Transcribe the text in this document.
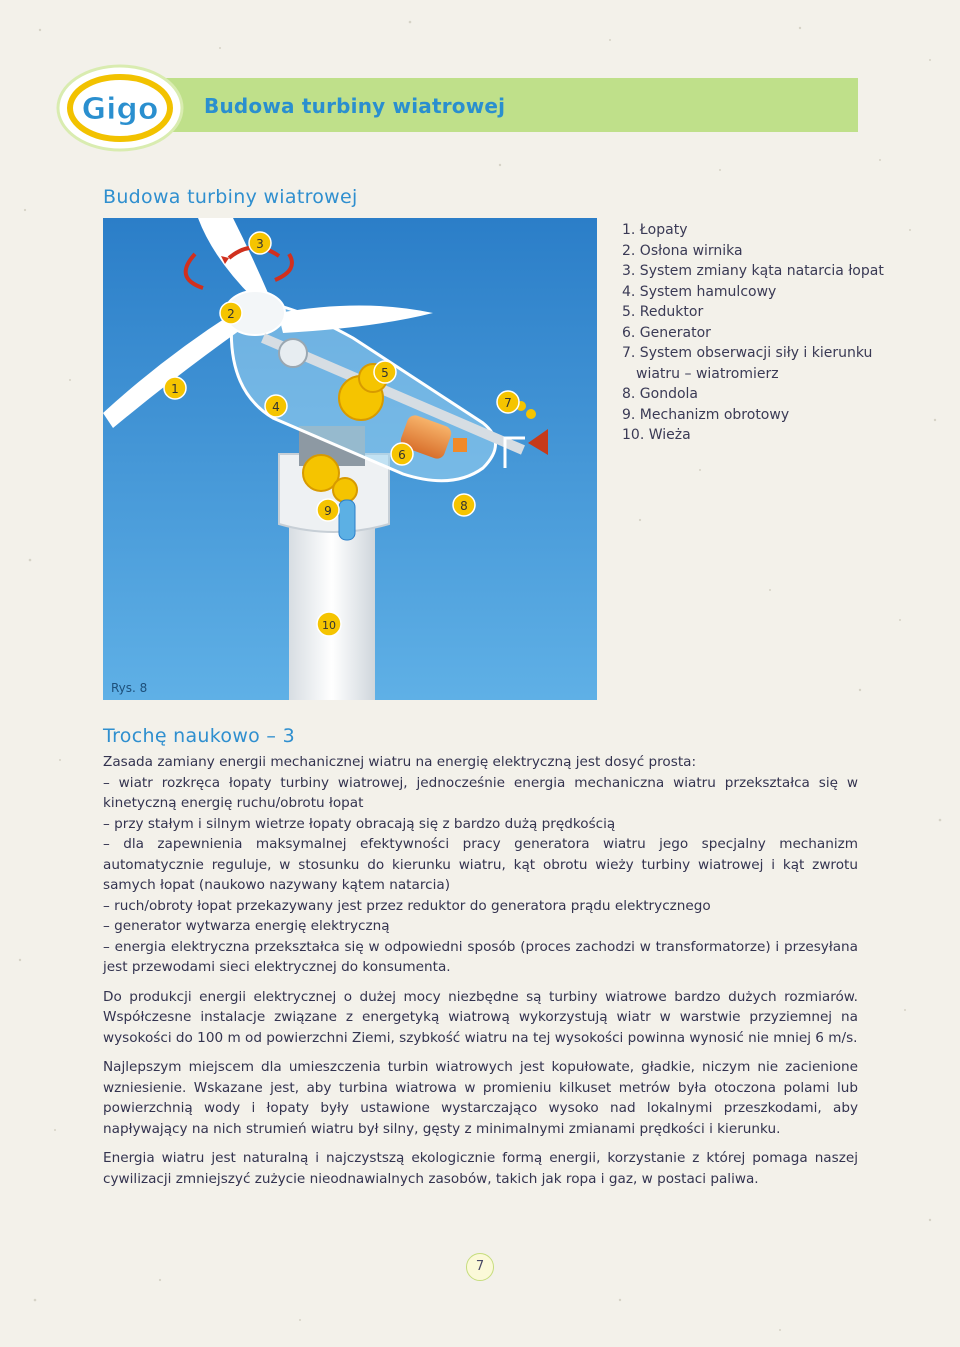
Gigo Budowa turbiny wiatrowej
Budowa turbiny wiatrowej
1
2
3
4
5
6
7
8
9
10
Rys. 8
1. Łopaty
2. Osłona wirnika
3. System zmiany kąta natarcia łopat
4. System hamulcowy
5. Reduktor
6. Generator
7. System obserwacji siły i kierunku
wiatru – wiatromierz
8. Gondola
9. Mechanizm obrotowy
10. Wieża
Trochę naukowo – 3

Zasada zamiany energii mechanicznej wiatru na energię elektryczną jest dosyć prosta:

– wiatr rozkręca łopaty turbiny wiatrowej, jednocześnie energia mechaniczna wiatru przekształca się w kinetyczną energię ruchu/obrotu łopat

– przy stałym i silnym wietrze łopaty obracają się z bardzo dużą prędkością

– dla zapewnienia maksymalnej efektywności pracy generatora wiatru jego specjalny mechanizm automatycznie reguluje, w stosunku do kierunku wiatru, kąt obrotu wieży turbiny wiatrowej i kąt zwrotu samych łopat (naukowo nazywany kątem natarcia)

– ruch/obroty łopat przekazywany jest przez reduktor do generatora prądu elektrycznego

– generator wytwarza energię elektryczną

– energia elektryczna przekształca się w odpowiedni sposób (proces zachodzi w transformatorze) i przesyłana jest przewodami sieci elektrycznej do konsumenta.

Do produkcji energii elektrycznej o dużej mocy niezbędne są turbiny wiatrowe bardzo dużych rozmiarów. Współczesne instalacje związane z energetyką wiatrową wykorzystują wiatr w warstwie przyziemnej na wysokości do 100 m od powierzchni Ziemi, szybkość wiatru na tej wysokości powinna wynosić nie mniej 6 m/s.

Najlepszym miejscem dla umieszczenia turbin wiatrowych jest kopułowate, gładkie, niczym nie zacienione wzniesienie. Wskazane jest, aby turbina wiatrowa w promieniu kilkuset metrów była otoczona polami lub powierzchnią wody i łopaty były ustawione wystarczająco wysoko nad lokalnymi przeszkodami, aby napływający na nich strumień wiatru był silny, gęsty z minimalnymi zmianami prędkości i kierunku.

Energia wiatru jest naturalną i najczystszą ekologicznie formą energii, korzystanie z której pomaga naszej cywilizacji zmniejszyć zużycie nieodnawialnych zasobów, takich jak ropa i gaz, w postaci paliwa.

7
